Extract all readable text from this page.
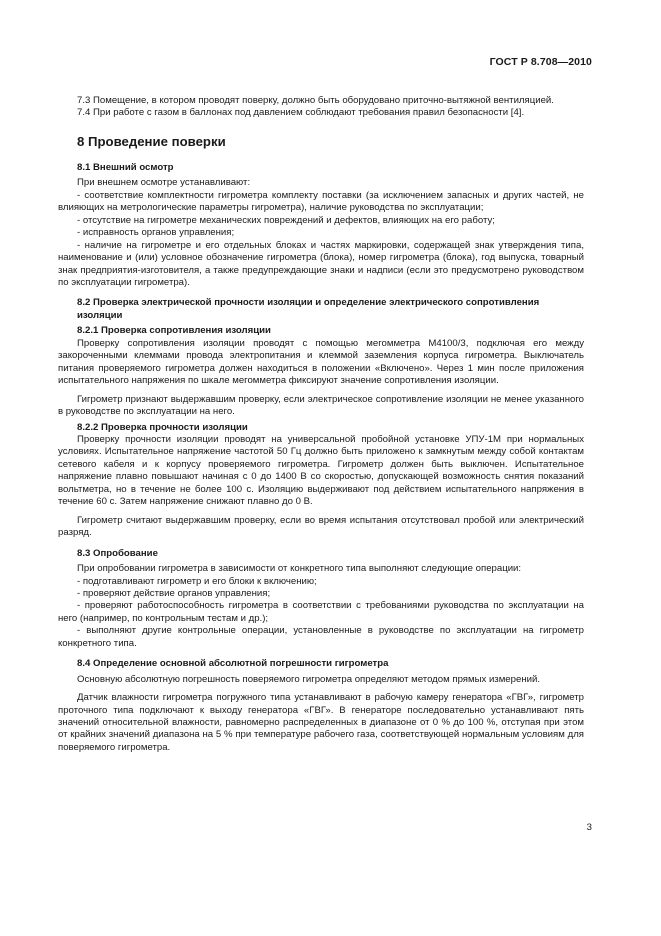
ГОСТ Р 8.708—2010

7.3 Помещение, в котором проводят поверку, должно быть оборудовано приточно-вытяжной вентиляцией.

7.4 При работе с газом в баллонах под давлением соблюдают требования правил безопасности [4].

8 Проведение поверки

8.1 Внешний осмотр

При внешнем осмотре устанавливают:

- соответствие комплектности гигрометра комплекту поставки (за исключением запасных и других частей, не влияющих на метрологические параметры гигрометра), наличие руководства по эксплуатации;

- отсутствие на гигрометре механических повреждений и дефектов, влияющих на его работу;

- исправность органов управления;

- наличие на гигрометре и его отдельных блоках и частях маркировки, содержащей знак утверждения типа, наименование и (или) условное обозначение гигрометра (блока), номер гигрометра (блока), год выпуска, товарный знак предприятия-изготовителя, а также предупреждающие знаки и надписи (если это предусмотрено руководством по эксплуатации гигрометра).

8.2 Проверка электрической прочности изоляции и определение электрического сопротивления изоляции

8.2.1 Проверка сопротивления изоляции

Проверку сопротивления изоляции проводят с помощью мегомметра М4100/3, подключая его между закороченными клеммами провода электропитания и клеммой заземления корпуса гигрометра. Выключатель питания проверяемого гигрометра должен находиться в положении «Включено». Через 1 мин после приложения испытательного напряжения по шкале мегомметра фиксируют значение сопротивления изоляции.

Гигрометр признают выдержавшим проверку, если электрическое сопротивление изоляции не менее указанного в руководстве по эксплуатации на него.

8.2.2 Проверка прочности изоляции

Проверку прочности изоляции проводят на универсальной пробойной установке УПУ-1М при нормальных условиях. Испытательное напряжение частотой 50 Гц должно быть приложено к замкнутым между собой контактам сетевого кабеля и к корпусу проверяемого гигрометра. Гигрометр должен быть выключен. Испытательное напряжение плавно повышают начиная с 0 до 1400 В со скоростью, допускающей возможность снятия показаний вольтметра, но в течение не более 100 с. Изоляцию выдерживают под действием испытательного напряжения в течение 60 с. Затем напряжение снижают плавно до 0 В.

Гигрометр считают выдержавшим проверку, если во время испытания отсутствовал пробой или электрический разряд.

8.3 Опробование

При опробовании гигрометра в зависимости от конкретного типа выполняют следующие операции:

- подготавливают гигрометр и его блоки к включению;

- проверяют действие органов управления;

- проверяют работоспособность гигрометра в соответствии с требованиями руководства по эксплуатации на него (например, по контрольным тестам и др.);

- выполняют другие контрольные операции, установленные в руководстве по эксплуатации на гигрометр конкретного типа.

8.4 Определение основной абсолютной погрешности гигрометра

Основную абсолютную погрешность поверяемого гигрометра определяют методом прямых измерений.

Датчик влажности гигрометра погружного типа устанавливают в рабочую камеру генератора «ГВГ», гигрометр проточного типа подключают к выходу генератора «ГВГ». В генераторе последовательно устанавливают пять значений относительной влажности, равномерно распределенных в диапазоне от 0 % до 100 %, отступая при этом от крайних значений диапазона на 5 % при температуре рабочего газа, соответствующей нормальным условиям для поверяемого гигрометра.

3
